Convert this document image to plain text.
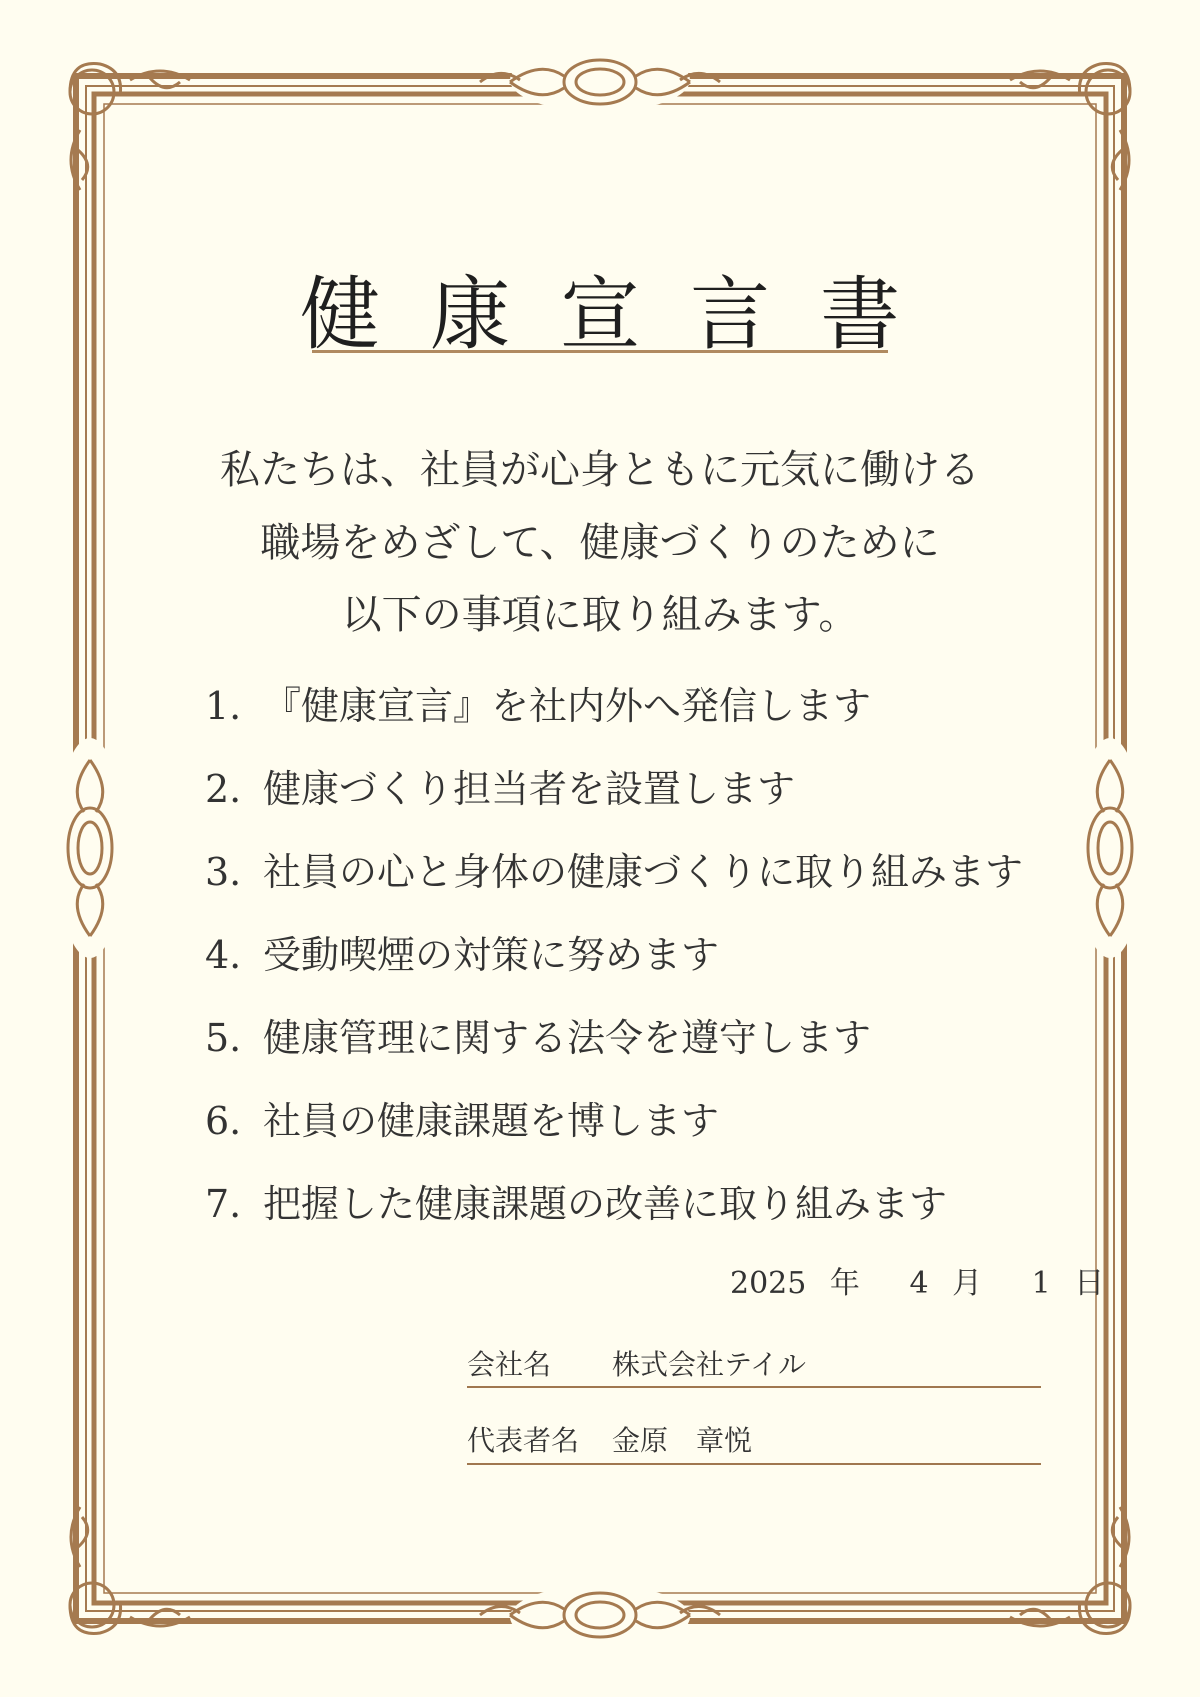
健康宣言書
私たちは、社員が心身ともに元気に働ける
職場をめざして、健康づくりのために
以下の事項に取り組みます。
1. 『健康宣言』を社内外へ発信します
2. 健康づくり担当者を設置します
3. 社員の心と身体の健康づくりに取り組みます
4. 受動喫煙の対策に努めます
5. 健康管理に関する法令を遵守します
6. 社員の健康課題を博します
7. 把握した健康課題の改善に取り組みます
2025 年 4 月 1 日
会社名 株式会社テイル
代表者名 金原　章悦
